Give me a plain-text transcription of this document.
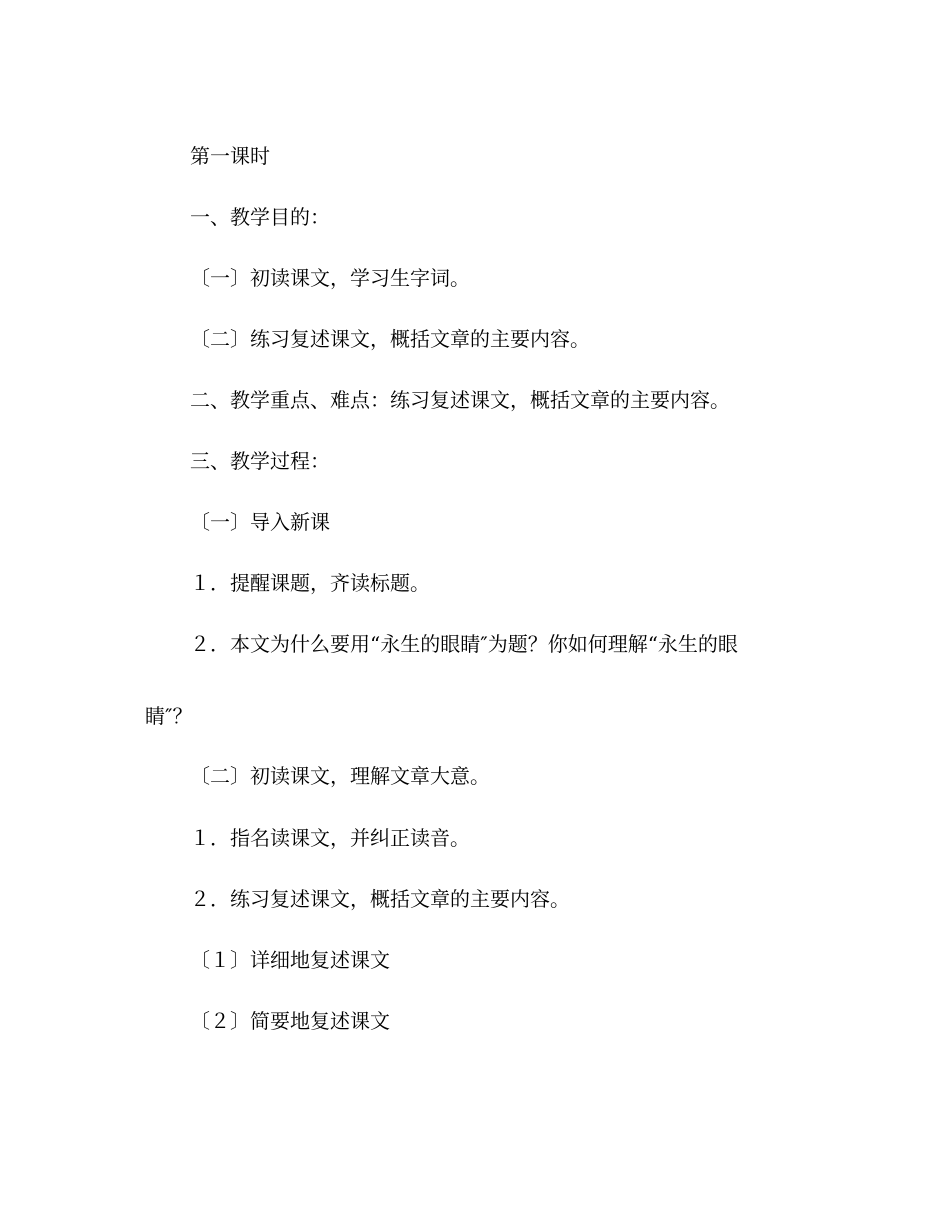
第一课时
一、教学目的：
〔一〕初读课文，学习生字词。
〔二〕练习复述课文，概括文章的主要内容。
二、教学重点、难点：练习复述课文，概括文章的主要内容。
三、教学过程：
〔一〕导入新课
１．提醒课题，齐读标题。
２．本文为什么要用“永生的眼睛″为题？你如何理解“永生的眼
睛″？
〔二〕初读课文，理解文章大意。
１．指名读课文，并纠正读音。
２．练习复述课文，概括文章的主要内容。
〔１〕详细地复述课文
〔２〕简要地复述课文
